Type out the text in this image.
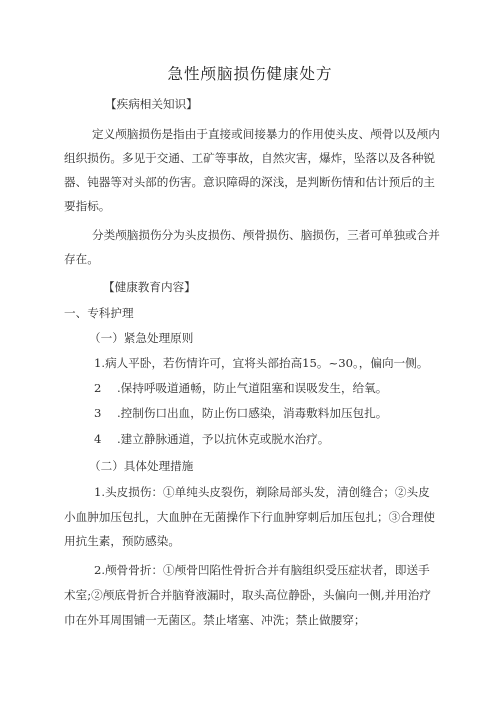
急性颅脑损伤健康处方
【疾病相关知识】
定义颅脑损伤是指由于直接或间接暴力的作用使头皮、颅骨以及颅内
组织损伤。多见于交通、工矿等事故，自然灾害，爆炸，坠落以及各种锐
器、钝器等对头部的伤害。意识障碍的深浅，是判断伤情和估计预后的主
要指标。
分类颅脑损伤分为头皮损伤、颅骨损伤、脑损伤，三者可单独或合并
存在。
【健康教育内容】
一、专科护理
（一）紧急处理原则
1.病人平卧，若伤情许可，宜将头部抬高15。~30。，偏向一侧。
2 .保持呼吸道通畅，防止气道阻塞和误吸发生，给氧。
3 .控制伤口出血，防止伤口感染，消毒敷料加压包扎。
4 .建立静脉通道，予以抗休克或脱水治疗。
（二）具体处理措施
1.头皮损伤：①单纯头皮裂伤，剃除局部头发，清创缝合；②头皮
小血肿加压包扎，大血肿在无菌操作下行血肿穿刺后加压包扎；③合理使
用抗生素，预防感染。
2.颅骨骨折：①颅骨凹陷性骨折合并有脑组织受压症状者，即送手
术室;②颅底骨折合并脑脊液漏时，取头高位静卧，头偏向一侧,并用治疗
巾在外耳周围铺一无菌区。禁止堵塞、冲洗；禁止做腰穿；
